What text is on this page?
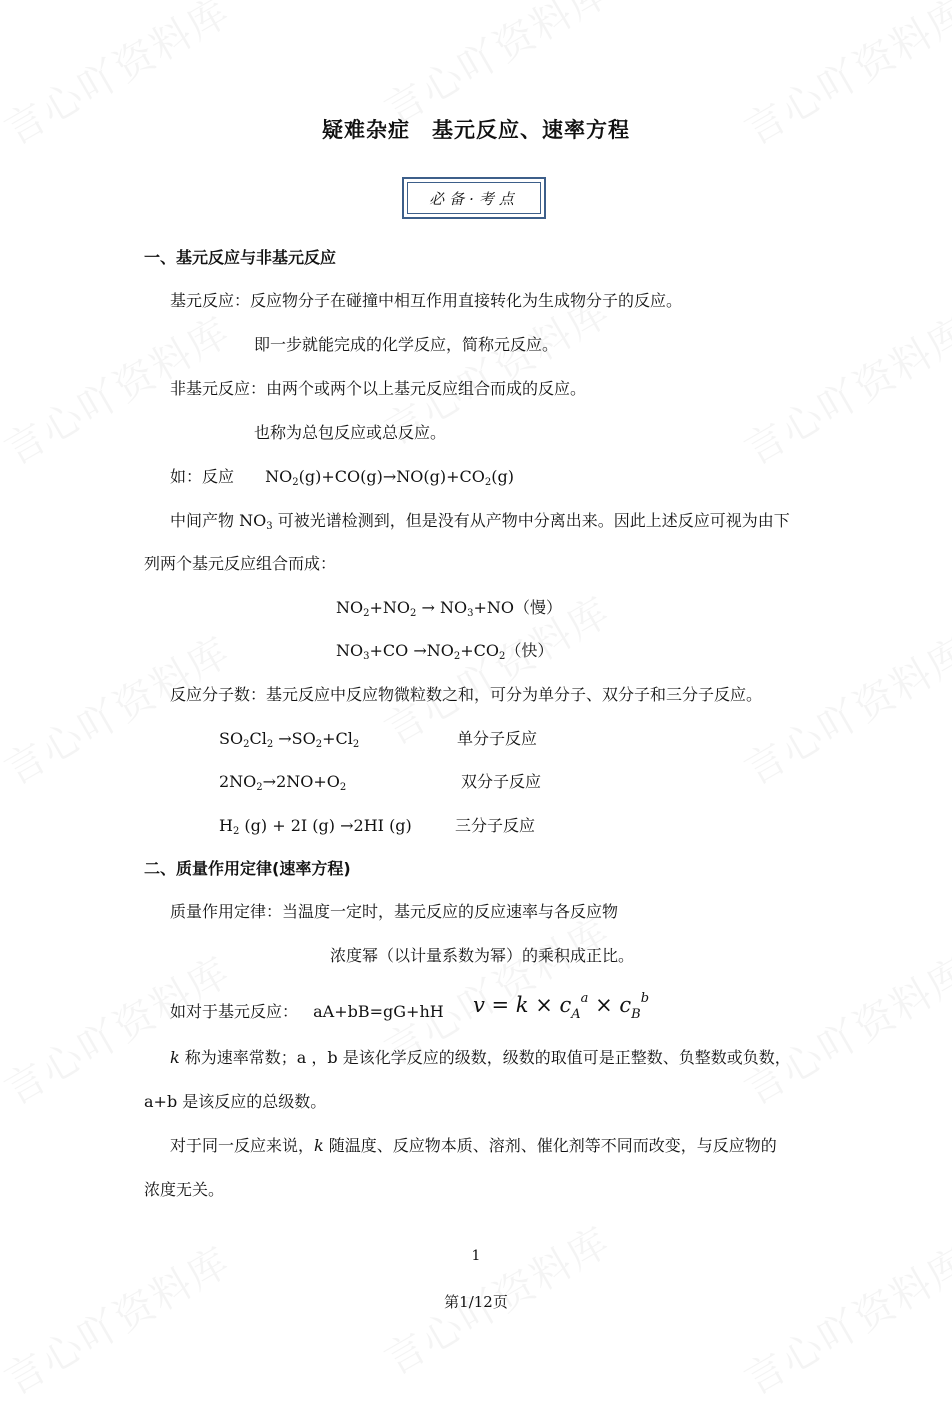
疑难杂症　基元反应、速率方程
必备·考点
一、基元反应与非基元反应
基元反应：反应物分子在碰撞中相互作用直接转化为生成物分子的反应。
即一步就能完成的化学反应，简称元反应。
非基元反应：由两个或两个以上基元反应组合而成的反应。
也称为总包反应或总反应。
如：反应 $NO_2(g)+CO(g)\to NO(g)+CO_2(g)$
中间产物 $NO_3$ 可被光谱检测到，但是没有从产物中分离出来。因此上述反应可视为由下
列两个基元反应组合而成：
$NO_2+NO_2 \to NO_3+NO$（慢）
$NO_3+CO \to NO_2+CO_2$（快）
反应分子数：基元反应中反应物微粒数之和，可分为单分子、双分子和三分子反应。
$SO_2Cl_2 \to SO_2+Cl_2$	单分子反应
$2NO_2\to 2NO+O_2$	双分子反应
$H_2$ (g) + 2I (g) →2HI (g)	三分子反应
二、质量作用定律(速率方程)
质量作用定律：当温度一定时，基元反应的反应速率与各反应物
浓度幂（以计量系数为幂）的乘积成正比。
如对于基元反应： aA+bB=gG+hH $v = k \times c_A^a \times c_B^b$
k 称为速率常数；a ，b 是该化学反应的级数，级数的取值可是正整数、负整数或负数，
a+b 是该反应的总级数。
对于同一反应来说，k 随温度、反应物本质、溶剂、催化剂等不同而改变，与反应物的
浓度无关。
1
第1/12页
